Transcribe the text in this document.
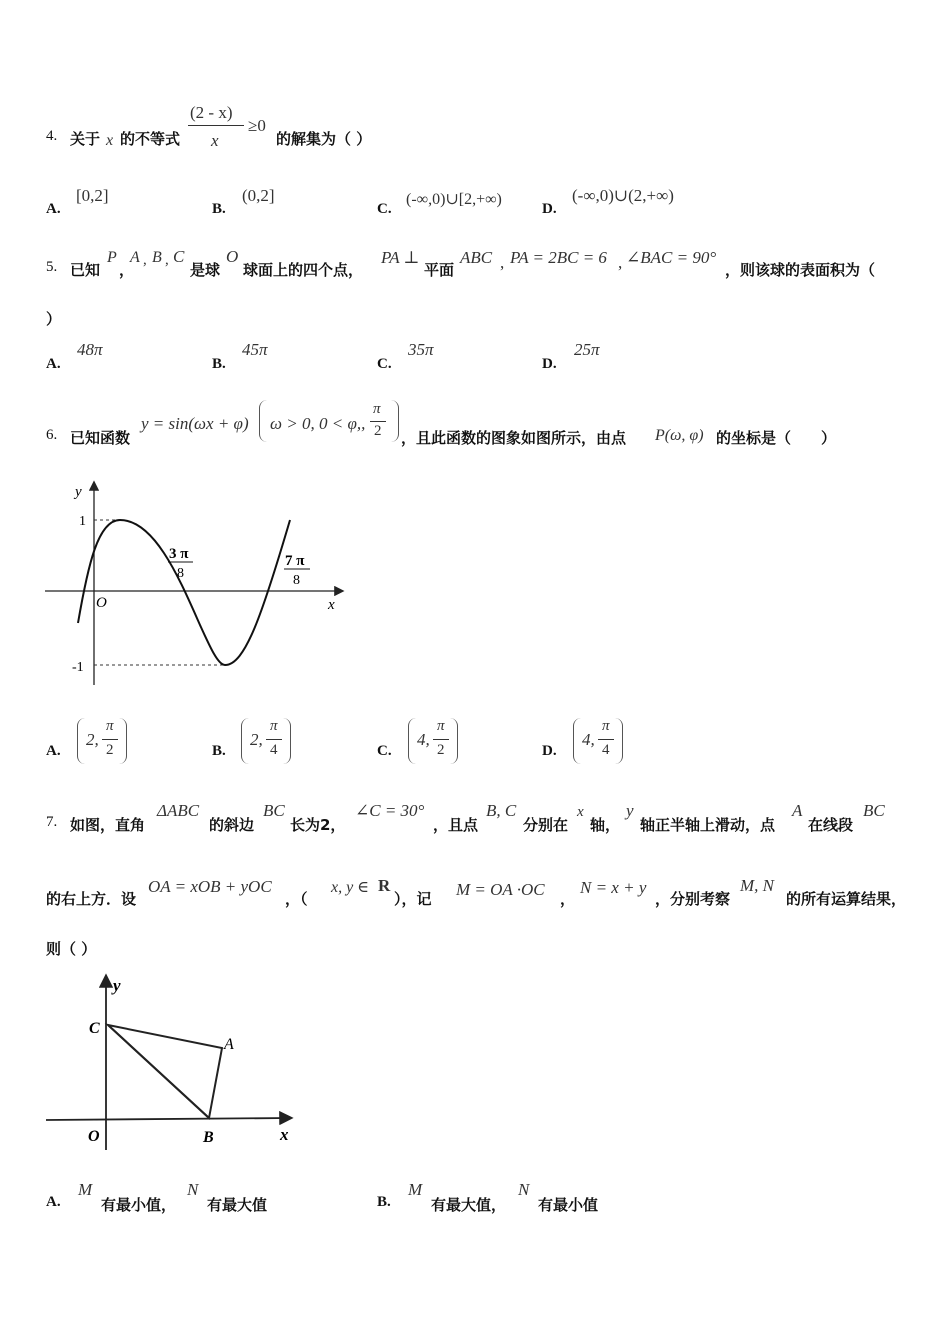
4. 关于 x 的不等式
(2 - x)
x
≥0
的解集为（ ）
A.
[0,2]
B.
(0,2]
C.
(-∞,0)∪[2,+∞)
D.
(-∞,0)∪(2,+∞)
5. 已知
P
，
A , B , C
是球
O
球面上的四个点，
PA ⊥
平面
ABC , PA = 2BC = 6 , ∠BAC = 90°
，则该球的表面积为（
）
A.
48π
B.
45π
C.
35π
D.
25π
6. 已知函数
y = sin(ωx + φ) ω > 0, 0 < φ,,
π
2 ，且此函数的图象如图所示，由点 P(ω, φ) 的坐标是（　　）
y
x
O
1
-1
3 π
8
7 π
8
A.
2,
π
2	B.
2,
π
4	C.
4,
π
2	D.
4,
π
4
7. 如图，直角
ΔABC
的斜边
BC
长为2，
∠C = 30°
，且点
B, C
分别在
x
轴，
y
轴正半轴上滑动，点
A
在线段
BC
的右上方．设
OA = xOB + yOC
，（
x, y ∈ R
），记 M = OA ·OC ，
N = x + y
，分别考察
M, N
的所有运算结果，
则（ ）
y
x
C
A
O	B
A.
M
有最小值，
N
有最大值	B.
M
有最大值，
N
有最小值
